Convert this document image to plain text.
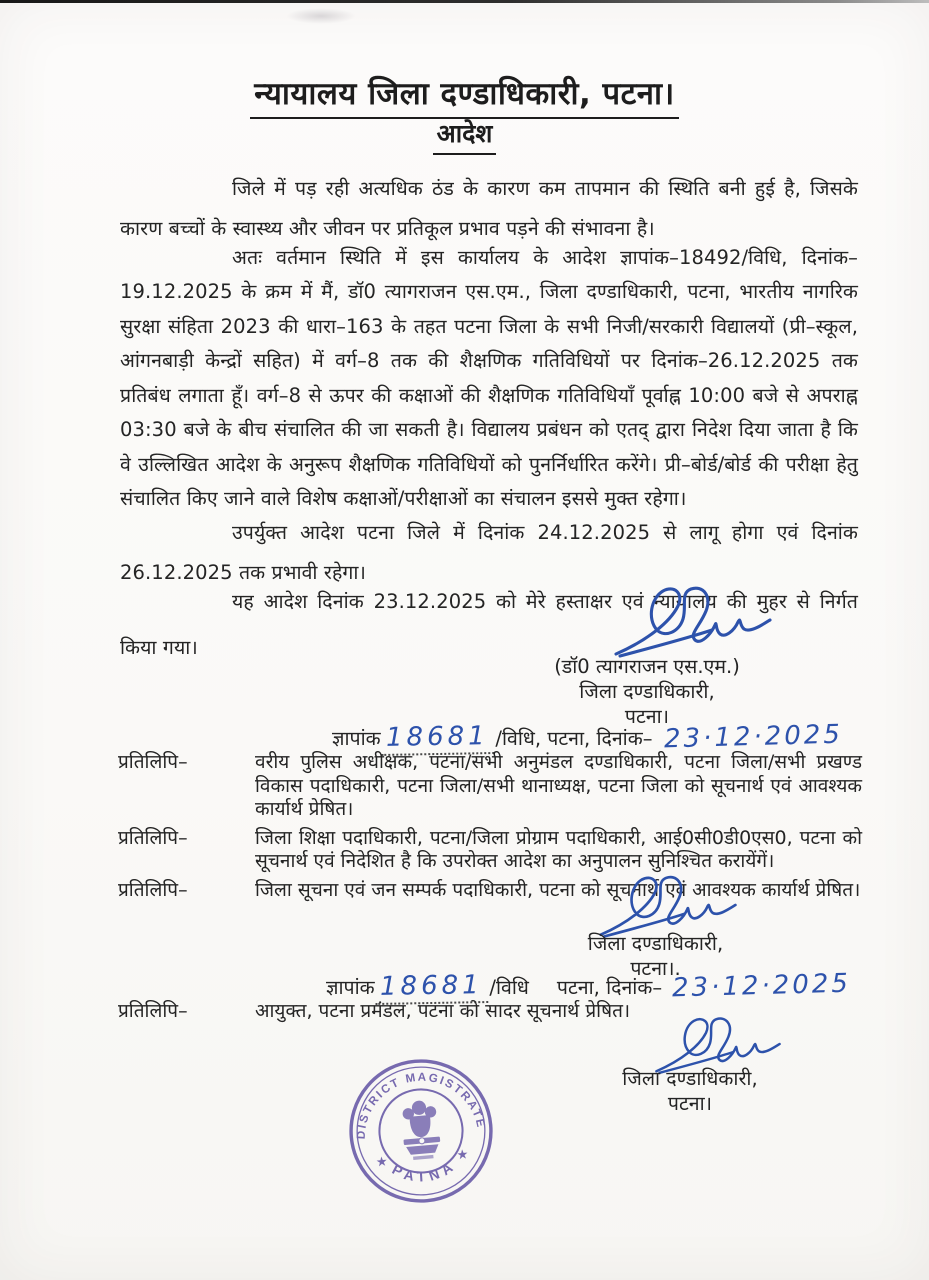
न्यायालय जिला दण्डाधिकारी, पटना।
आदेश

जिले में पड़ रही अत्यधिक ठंड के कारण कम तापमान की स्थिति बनी हुई है, जिसके कारण बच्चों के स्वास्थ्य और जीवन पर प्रतिकूल प्रभाव पड़ने की संभावना है।

अतः वर्तमान स्थिति में इस कार्यालय के आदेश ज्ञापांक–18492/विधि, दिनांक–19.12.2025 के क्रम में मैं, डॉ0 त्यागराजन एस.एम., जिला दण्डाधिकारी, पटना, भारतीय नागरिक सुरक्षा संहिता 2023 की धारा–163 के तहत पटना जिला के सभी निजी/सरकारी विद्यालयों (प्री–स्कूल, आंगनबाड़ी केन्द्रों सहित) में वर्ग–8 तक की शैक्षणिक गतिविधियों पर दिनांक–26.12.2025 तक प्रतिबंध लगाता हूँ। वर्ग–8 से ऊपर की कक्षाओं की शैक्षणिक गतिविधियाँ पूर्वाह्न 10:00 बजे से अपराह्न 03:30 बजे के बीच संचालित की जा सकती है। विद्यालय प्रबंधन को एतद् द्वारा निदेश दिया जाता है कि वे उल्लिखित आदेश के अनुरूप शैक्षणिक गतिविधियों को पुनर्निर्धारित करेंगे। प्री–बोर्ड/बोर्ड की परीक्षा हेतु संचालित किए जाने वाले विशेष कक्षाओं/परीक्षाओं का संचालन इससे मुक्त रहेगा।

उपर्युक्त आदेश पटना जिले में दिनांक 24.12.2025 से लागू होगा एवं दिनांक 26.12.2025 तक प्रभावी रहेगा।

यह आदेश दिनांक 23.12.2025 को मेरे हस्ताक्षर एवं न्यायालय की मुहर से निर्गत किया गया।

(डॉ0 त्यागराजन एस.एम.)
जिला दण्डाधिकारी,
पटना।
ज्ञापांक 18681 /विधि, पटना, दिनांक– 23·12·2025
प्रतिलिपि–	वरीय पुलिस अधीक्षक, पटना/सभी अनुमंडल दण्डाधिकारी, पटना जिला/सभी प्रखण्ड विकास पदाधिकारी, पटना जिला/सभी थानाध्यक्ष, पटना जिला को सूचनार्थ एवं आवश्यक कार्यार्थ प्रेषित।
प्रतिलिपि–	जिला शिक्षा पदाधिकारी, पटना/जिला प्रोग्राम पदाधिकारी, आई0सी0डी0एस0, पटना को सूचनार्थ एवं निदेशित है कि उपरोक्त आदेश का अनुपालन सुनिश्चित करायेंगें।
प्रतिलिपि–	जिला सूचना एवं जन सम्पर्क पदाधिकारी, पटना को सूचनार्थ एवं आवश्यक कार्यार्थ प्रेषित।
जिला दण्डाधिकारी,
पटना।.
ज्ञापांक 18681 /विधि पटना, दिनांक– 23·12·2025
प्रतिलिपि–	आयुक्त, पटना प्रमंडल, पटना को सादर सूचनार्थ प्रेषित।
जिला दण्डाधिकारी,
पटना।
DISTRICT MAGISTRATE
PATNA
★	★
